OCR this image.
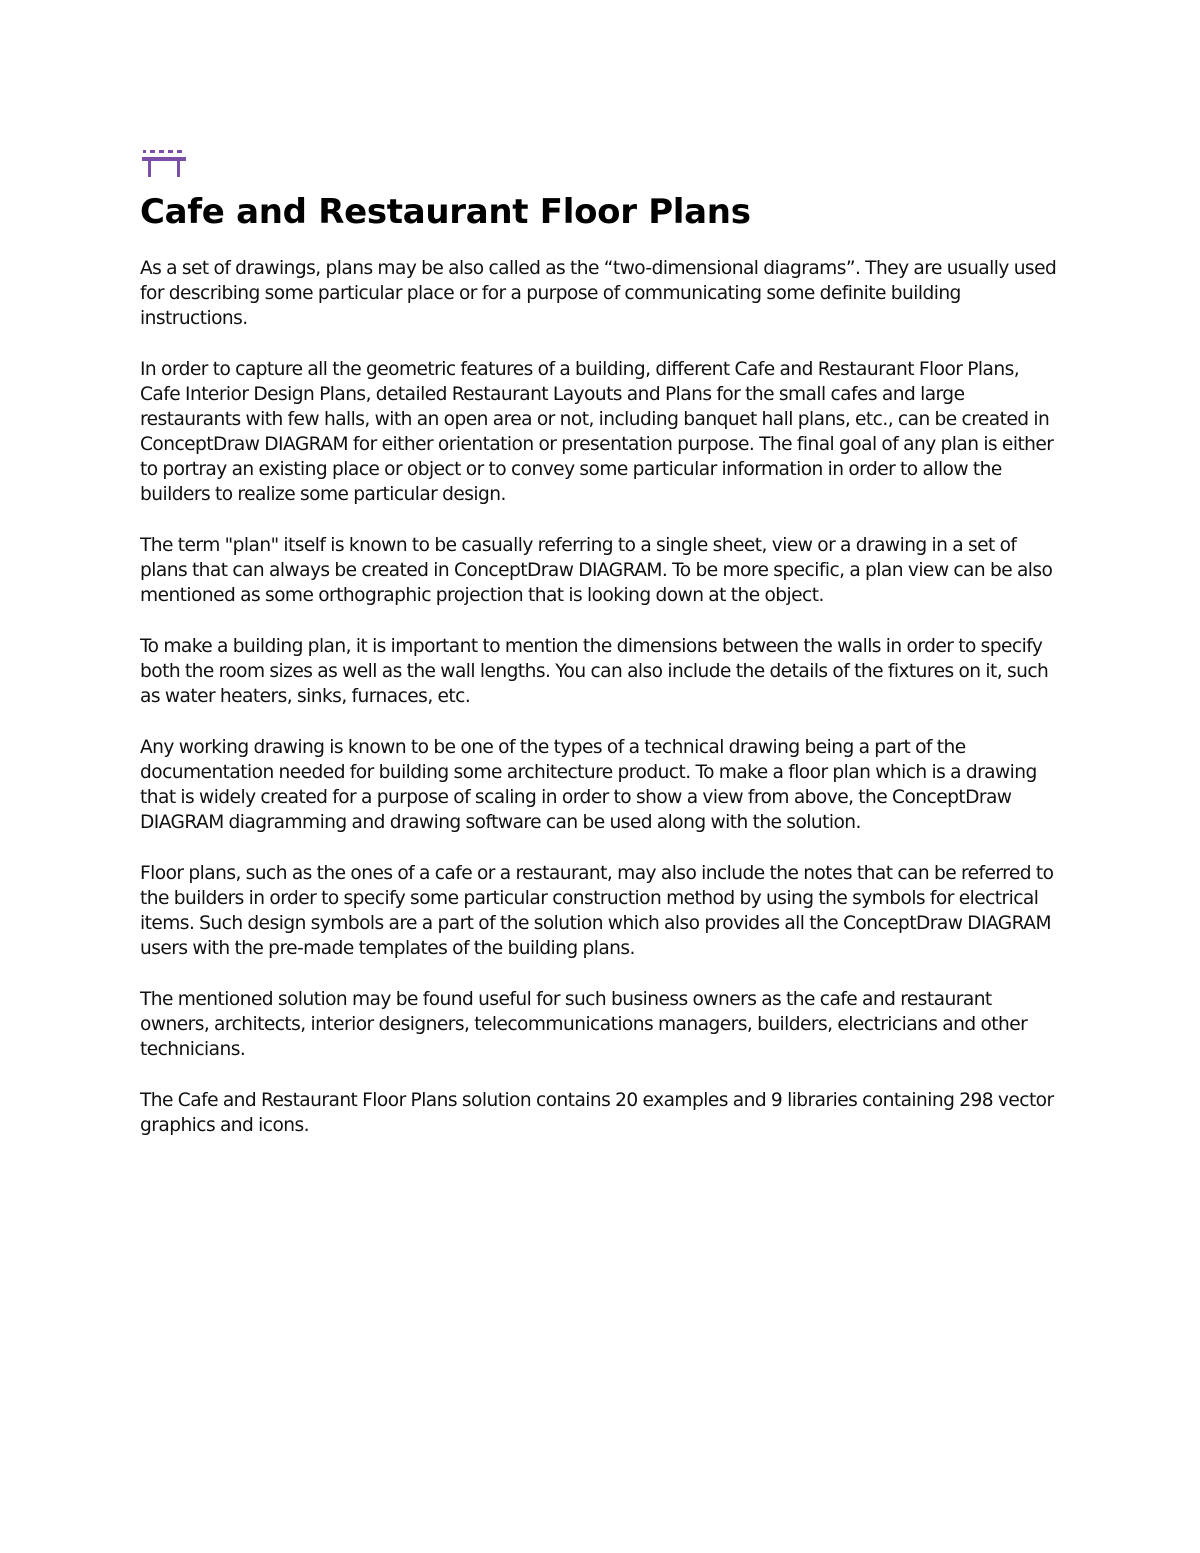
Cafe and Restaurant Floor Plans

As a set of drawings, plans may be also called as the “two-dimensional diagrams”. They are usually used for describing some particular place or for a purpose of communicating some definite building instructions.

In order to capture all the geometric features of a building, different Cafe and Restaurant Floor Plans, Cafe Interior Design Plans, detailed Restaurant Layouts and Plans for the small cafes and large restaurants with few halls, with an open area or not, including banquet hall plans, etc., can be created in ConceptDraw DIAGRAM for either orientation or presentation purpose. The final goal of any plan is either to portray an existing place or object or to convey some particular information in order to allow the builders to realize some particular design.

The term "plan" itself is known to be casually referring to a single sheet, view or a drawing in a set of plans that can always be created in ConceptDraw DIAGRAM. To be more specific, a plan view can be also mentioned as some orthographic projection that is looking down at the object.

To make a building plan, it is important to mention the dimensions between the walls in order to specify both the room sizes as well as the wall lengths. You can also include the details of the fixtures on it, such as water heaters, sinks, furnaces, etc.

Any working drawing is known to be one of the types of a technical drawing being a part of the documentation needed for building some architecture product. To make a floor plan which is a drawing that is widely created for a purpose of scaling in order to show a view from above, the ConceptDraw DIAGRAM diagramming and drawing software can be used along with the solution.

Floor plans, such as the ones of a cafe or a restaurant, may also include the notes that can be referred to the builders in order to specify some particular construction method by using the symbols for electrical items. Such design symbols are a part of the solution which also provides all the ConceptDraw DIAGRAM users with the pre-made templates of the building plans.

The mentioned solution may be found useful for such business owners as the cafe and restaurant owners, architects, interior designers, telecommunications managers, builders, electricians and other technicians.

The Cafe and Restaurant Floor Plans solution contains 20 examples and 9 libraries containing 298 vector graphics and icons.
